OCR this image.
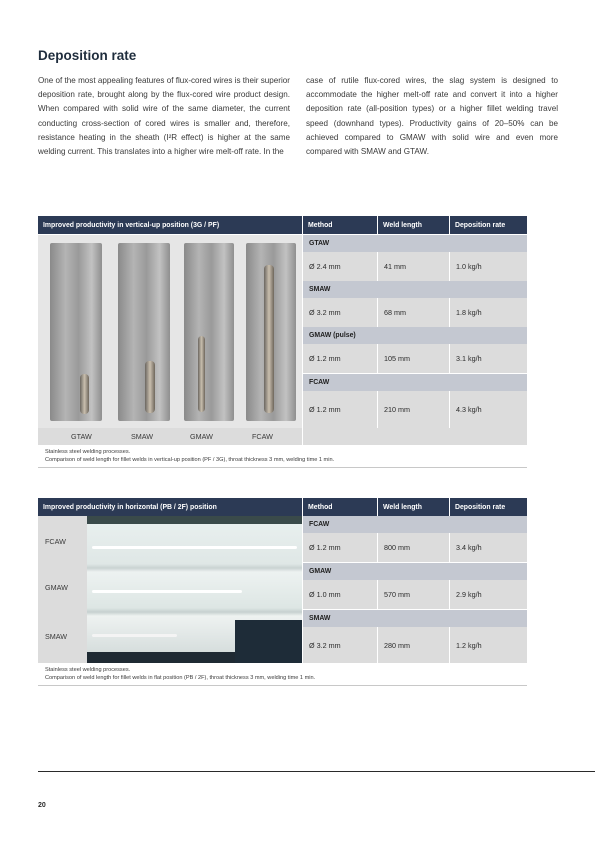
Deposition rate
One of the most appealing features of flux-cored wires is their superior deposition rate, brought along by the flux-cored wire product design. When compared with solid wire of the same diameter, the current conducting cross-section of cored wires is smaller and, therefore, resistance heating in the sheath (I²R effect) is higher at the same welding current. This translates into a higher wire melt-off rate. In the
case of rutile flux-cored wires, the slag system is designed to accommodate the higher melt-off rate and convert it into a higher deposition rate (all-position types) or a higher fillet welding travel speed (downhand types). Productivity gains of 20–50% can be achieved compared to GMAW with solid wire and even more compared with SMAW and GTAW.
Improved productivity in vertical-up position (3G / PF)	Method	Weld length	Deposition rate
GTAW	SMAW	GMAW	FCAW
GTAW
Ø 2.4 mm	41 mm	1.0 kg/h
SMAW
Ø 3.2 mm	68 mm	1.8 kg/h
GMAW (pulse)
Ø 1.2 mm	105 mm	3.1 kg/h
FCAW
Ø 1.2 mm	210 mm	4.3 kg/h
Stainless steel welding processes.
Comparison of weld length for fillet welds in vertical-up position (PF / 3G), throat thickness 3 mm, welding time 1 min.
Improved productivity in horizontal (PB / 2F) position	Method	Weld length	Deposition rate
FCAW
GMAW
SMAW
FCAW
Ø 1.2 mm	800 mm	3.4 kg/h
GMAW
Ø 1.0 mm	570 mm	2.9 kg/h
SMAW
Ø 3.2 mm	280 mm	1.2 kg/h
Stainless steel welding processes.
Comparison of weld length for fillet welds in flat position (PB / 2F), throat thickness 3 mm, welding time 1 min.
20
